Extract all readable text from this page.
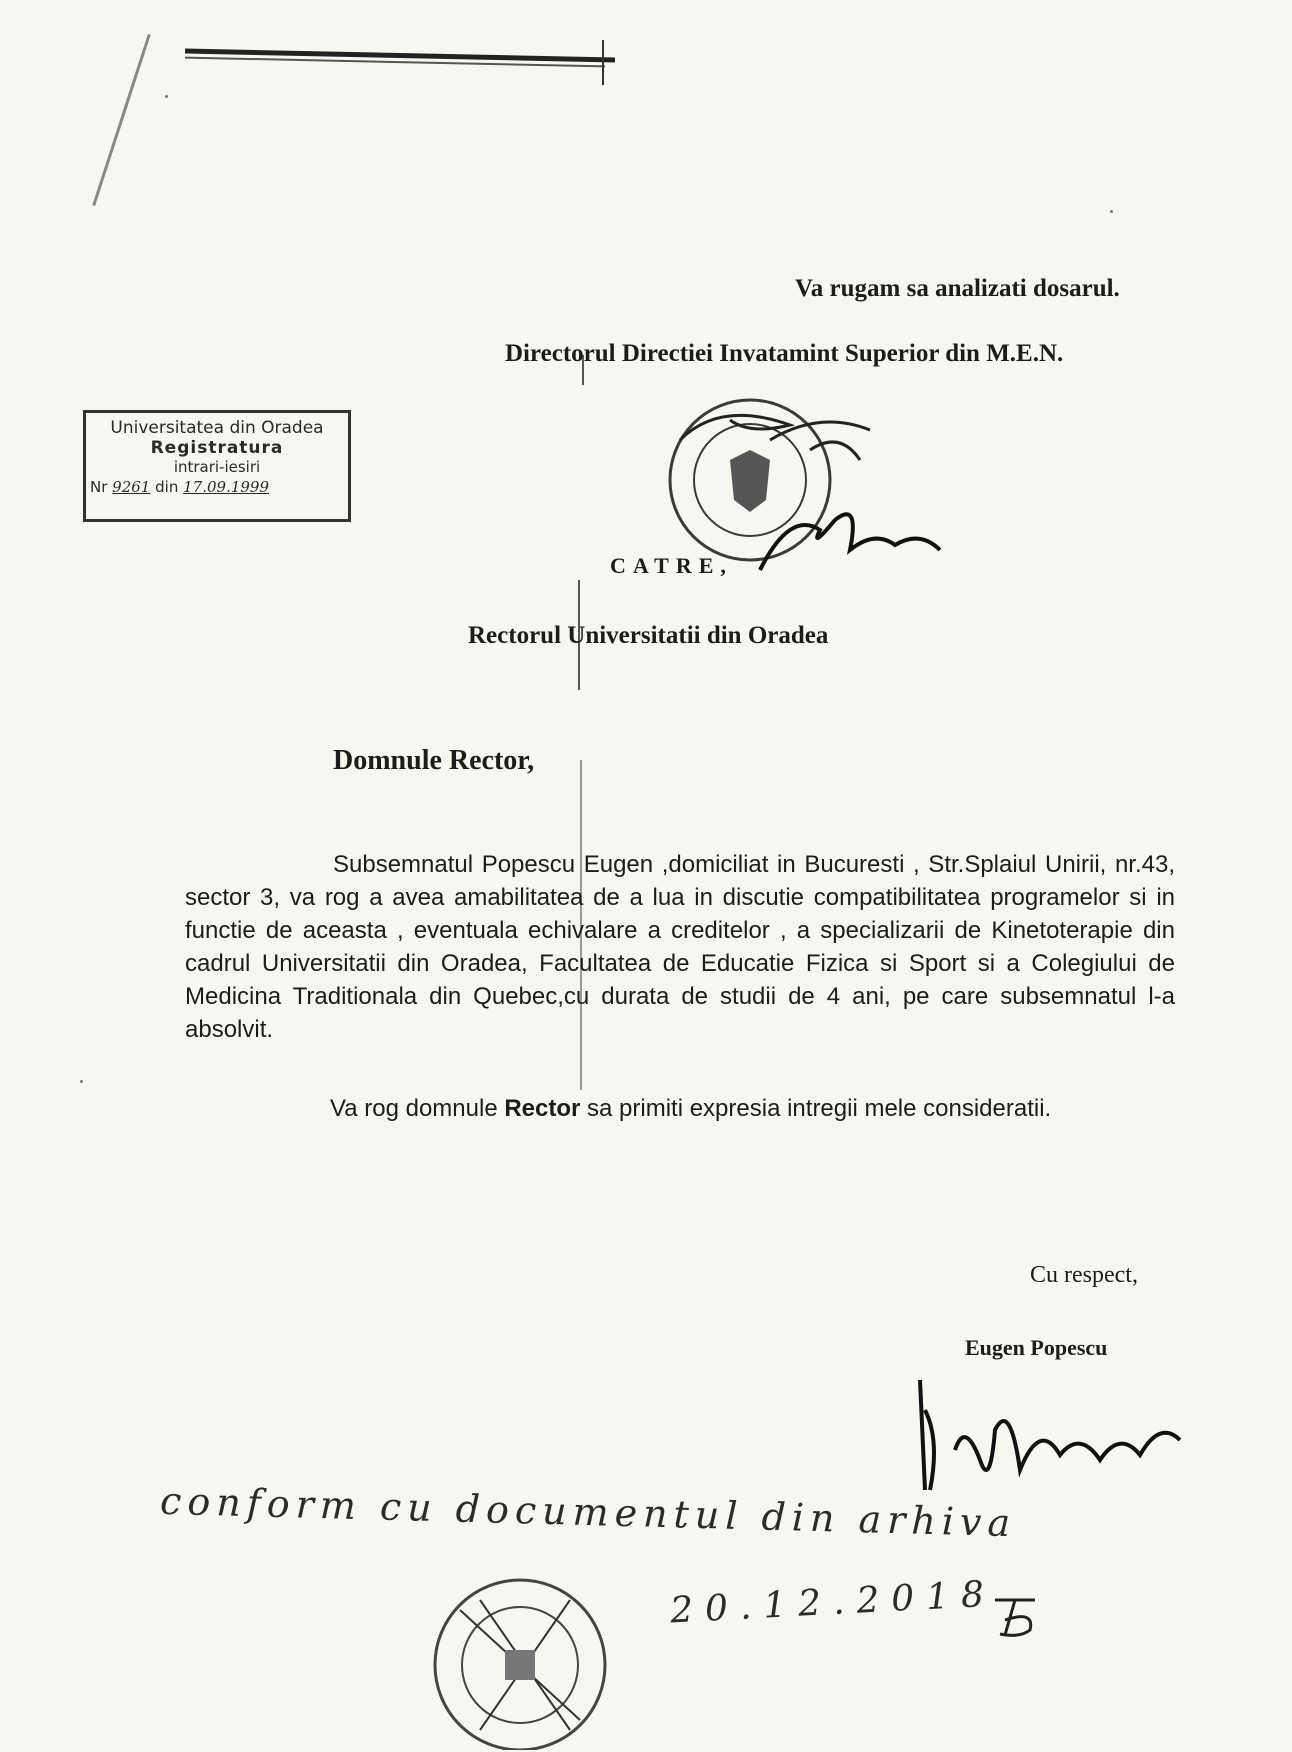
Va rugam sa analizati dosarul.
Directorul Directiei Invatamint Superior din M.E.N.
Universitatea din Oradea
Registratura
intrari-iesiri
Nr 9261 din 17.09.1999
CATRE,
Rectorul Universitatii din Oradea
Domnule Rector,
Subsemnatul Popescu Eugen ,domiciliat in Bucuresti , Str.Splaiul Unirii, nr.43, sector 3, va rog a avea amabilitatea de a lua in discutie compatibilitatea programelor si in functie de aceasta , eventuala echivalare a creditelor , a specializarii de Kinetoterapie din cadrul Universitatii din Oradea, Facultatea de Educatie Fizica si Sport si a Colegiului de Medicina Traditionala din Quebec,cu durata de studii de 4 ani, pe care subsemnatul l-a absolvit.
Va rog domnule Rector sa primiti expresia intregii mele consideratii.
Cu respect,
Eugen Popescu
conform cu documentul din arhiva
20.12.2018
